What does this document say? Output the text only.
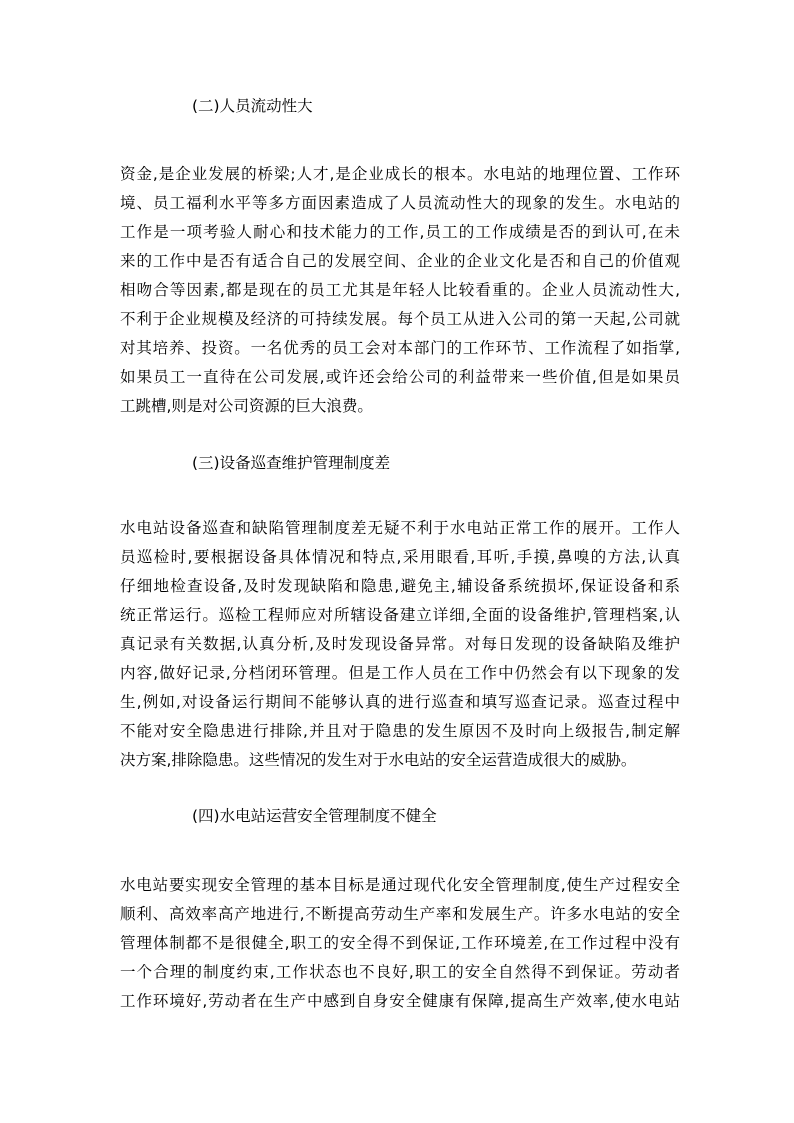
(二)人员流动性大
资金,是企业发展的桥梁;人才,是企业成长的根本。水电站的地理位置、工作环
境、员工福利水平等多方面因素造成了人员流动性大的现象的发生。水电站的
工作是一项考验人耐心和技术能力的工作,员工的工作成绩是否的到认可,在未
来的工作中是否有适合自己的发展空间、企业的企业文化是否和自己的价值观
相吻合等因素,都是现在的员工尤其是年轻人比较看重的。企业人员流动性大,
不利于企业规模及经济的可持续发展。每个员工从进入公司的第一天起,公司就
对其培养、投资。一名优秀的员工会对本部门的工作环节、工作流程了如指掌,
如果员工一直待在公司发展,或许还会给公司的利益带来一些价值,但是如果员
工跳槽,则是对公司资源的巨大浪费。
(三)设备巡查维护管理制度差
水电站设备巡查和缺陷管理制度差无疑不利于水电站正常工作的展开。工作人
员巡检时,要根据设备具体情况和特点,采用眼看,耳听,手摸,鼻嗅的方法,认真
仔细地检查设备,及时发现缺陷和隐患,避免主,辅设备系统损坏,保证设备和系
统正常运行。巡检工程师应对所辖设备建立详细,全面的设备维护,管理档案,认
真记录有关数据,认真分析,及时发现设备异常。对每日发现的设备缺陷及维护
内容,做好记录,分档闭环管理。但是工作人员在工作中仍然会有以下现象的发
生,例如,对设备运行期间不能够认真的进行巡查和填写巡查记录。巡查过程中
不能对安全隐患进行排除,并且对于隐患的发生原因不及时向上级报告,制定解
决方案,排除隐患。这些情况的发生对于水电站的安全运营造成很大的威胁。
(四)水电站运营安全管理制度不健全
水电站要实现安全管理的基本目标是通过现代化安全管理制度,使生产过程安全
顺利、高效率高产地进行,不断提高劳动生产率和发展生产。许多水电站的安全
管理体制都不是很健全,职工的安全得不到保证,工作环境差,在工作过程中没有
一个合理的制度约束,工作状态也不良好,职工的安全自然得不到保证。劳动者
工作环境好,劳动者在生产中感到自身安全健康有保障,提高生产效率,使水电站
